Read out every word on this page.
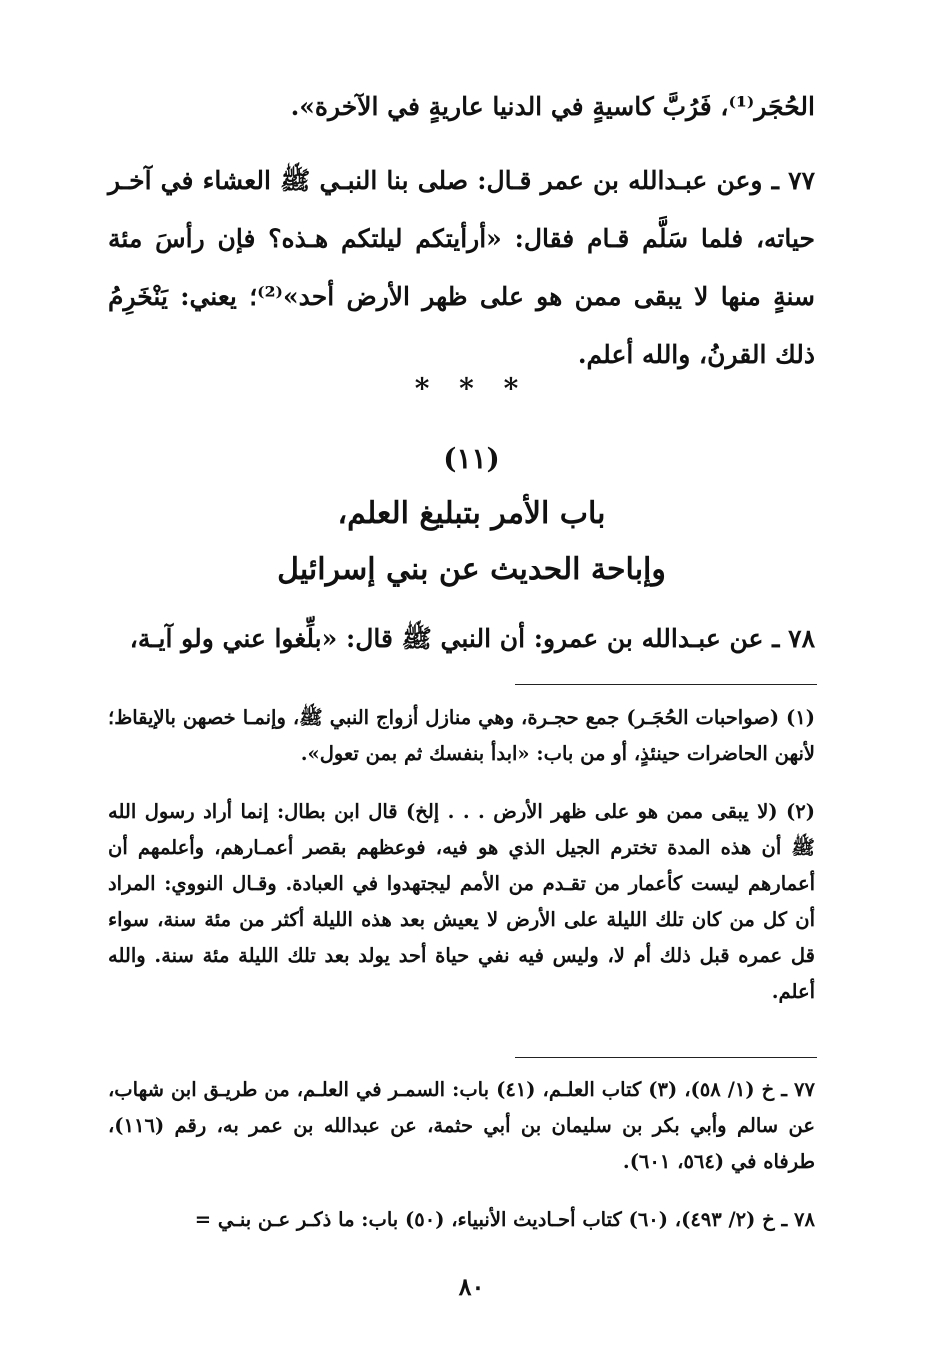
الحُجَر⁽¹⁾، فَرُبَّ كاسيةٍ في الدنيا عاريةٍ في الآخرة».

٧٧ ـ وعن عبـدالله بن عمر قـال: صلى بنا النبـي ﷺ العشاء في آخـر حياته، فلما سَلَّم قـام فقال: «أرأيتكم ليلتكم هـذه؟ فإن رأسَ مئة سنةٍ منها لا يبقى ممن هو على ظهر الأرض أحد»⁽²⁾؛ يعني: يَنْخَرِمُ ذلك القرنُ، والله أعلم.

* * *
(١١)
باب الأمر بتبليغ العلم،
وإباحة الحديث عن بني إسرائيل

٧٨ ـ عن عبـدالله بن عمرو: أن النبي ﷺ قال: «بلِّغوا عني ولو آيـة،

(١) (صواحبات الحُجَـر) جمع حجـرة، وهي منازل أزواج النبي ﷺ، وإنمـا خصهن بالإيقاظ؛ لأنهن الحاضرات حينئذٍ، أو من باب: «ابدأ بنفسك ثم بمن تعول».

(٢) (لا يبقى ممن هو على ظهر الأرض . . . إلخ) قال ابن بطال: إنما أراد رسول الله ﷺ أن هذه المدة تخترم الجيل الذي هو فيه، فوعظهم بقصر أعمـارهم، وأعلمهم أن أعمارهم ليست كأعمار من تقـدم من الأمم ليجتهدوا في العبادة. وقـال النووي: المراد أن كل من كان تلك الليلة على الأرض لا يعيش بعد هذه الليلة أكثر من مئة سنة، سواء قل عمره قبل ذلك أم لا، وليس فيه نفي حياة أحد يولد بعد تلك الليلة مئة سنة. والله أعلم.

٧٧ ـ خ (١/ ٥٨)، (٣) كتاب العلـم، (٤١) باب: السمـر في العلـم، من طريـق ابن شهاب، عن سالم وأبي بكر بن سليمان بن أبي حثمة، عن عبدالله بن عمر به، رقم (١١٦)، طرفاه في (٥٦٤، ٦٠١).

٧٨ ـ خ (٢/ ٤٩٣)، (٦٠) كتاب أحـاديث الأنبياء، (٥٠) باب: ما ذكـر عـن بنـي =

٨٠
